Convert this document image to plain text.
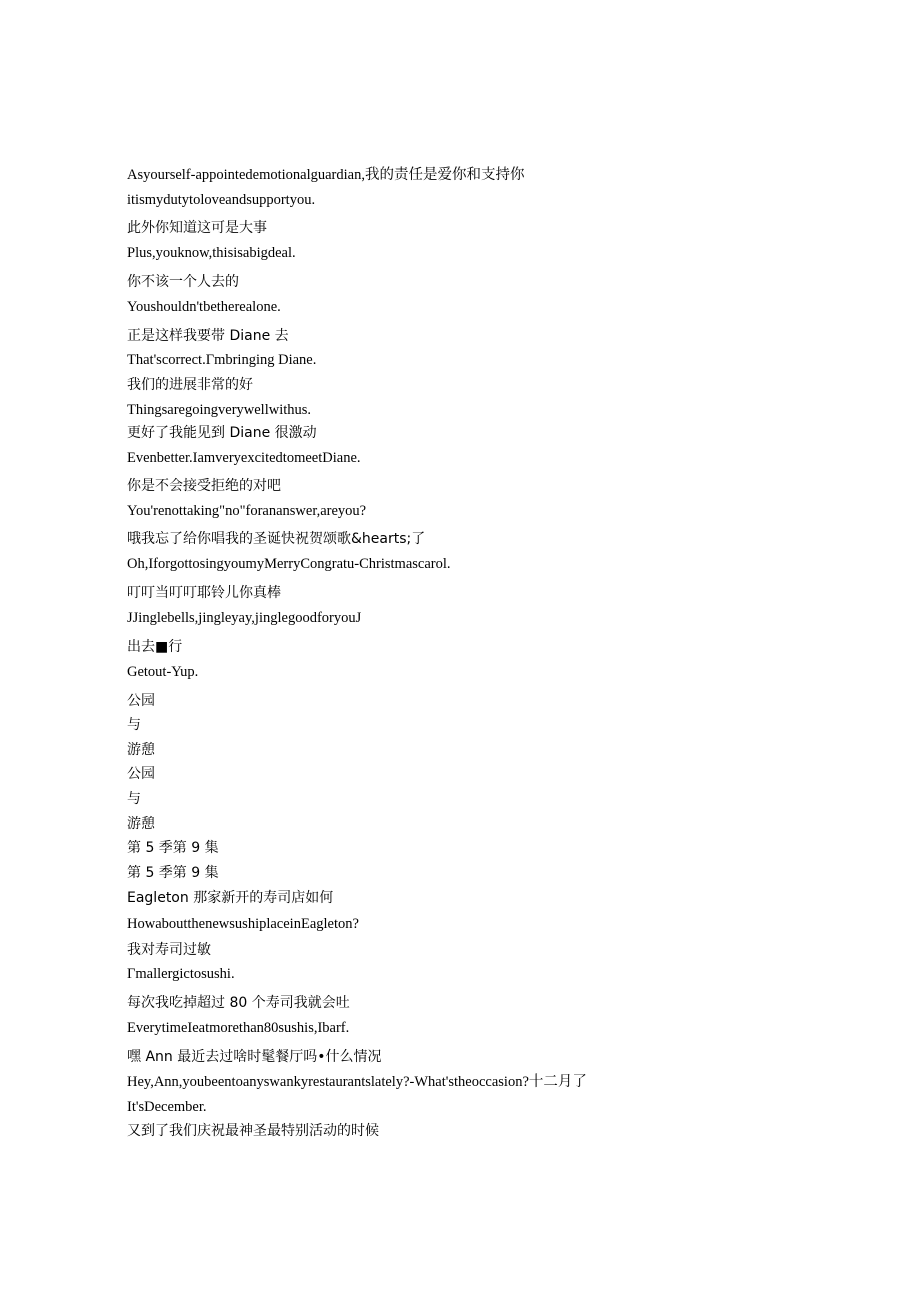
Asyourself-appointedemotionalguardian,我的责任是爱你和支持你
itismydutytoloveandsupportyou.
此外你知道这可是大事
Plus,youknow,thisisabigdeal.
你不该一个人去的
Youshouldn'tbetherealone.
正是这样我要带 Diane 去
That'scorrect.Γmbringing Diane.
我们的进展非常的好
Thingsaregoingverywellwithus.
更好了我能见到 Diane 很激动
Evenbetter.IamveryexcitedtomeetDiane.
你是不会接受拒绝的对吧
You'renottaking"no"forananswer,areyou?
哦我忘了给你唱我的圣诞快祝贺颂歌&hearts;了
Oh,IforgottosingyoumyMerryCongratu-Christmascarol.
叮叮当叮叮耶铃儿你真棒
JJinglebells,jingleyay,jinglegoodforyouJ
出去■行
Getout-Yup.
公园
与
游憩
公园
与
游憩
第 5 季第 9 集
第 5 季第 9 集
Eagleton 那家新开的寿司店如何
HowaboutthenewsushiplaceinEagleton?
我对寿司过敏
Γmallergictosushi.
每次我吃掉超过 80 个寿司我就会吐
EverytimeIeatmorethan80sushis,Ibarf.
嘿 Ann 最近去过啥时髦餐厅吗•什么情况
Hey,Ann,youbeentoanyswankyrestaurantslately?-What'stheoccasion?十二月了
It'sDecember.
又到了我们庆祝最神圣最特别活动的时候
